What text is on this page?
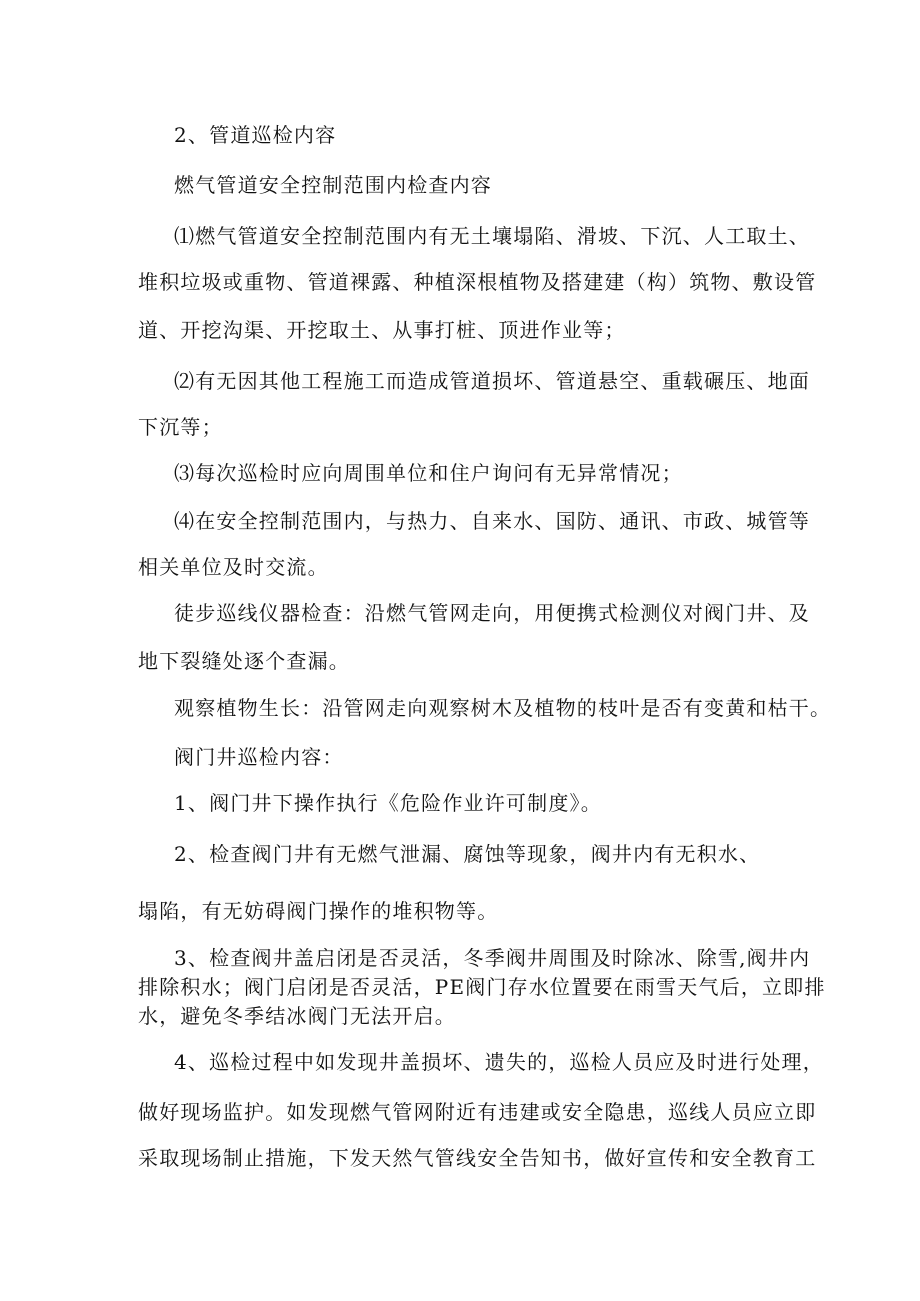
2、管道巡检内容

燃气管道安全控制范围内检查内容

⑴燃气管道安全控制范围内有无土壤塌陷、滑坡、下沉、人工取土、

堆积垃圾或重物、管道裸露、种植深根植物及搭建建（构）筑物、敷设管

道、开挖沟渠、开挖取土、从事打桩、顶进作业等；

⑵有无因其他工程施工而造成管道损坏、管道悬空、重载碾压、地面

下沉等；

⑶每次巡检时应向周围单位和住户询问有无异常情况；

⑷在安全控制范围内，与热力、自来水、国防、通讯、市政、城管等

相关单位及时交流。

徒步巡线仪器检查：沿燃气管网走向，用便携式检测仪对阀门井、及

地下裂缝处逐个查漏。

观察植物生长：沿管网走向观察树木及植物的枝叶是否有变黄和枯干。

阀门井巡检内容：

1、阀门井下操作执行《危险作业许可制度》。

2、检查阀门井有无燃气泄漏、腐蚀等现象，阀井内有无积水、

塌陷，有无妨碍阀门操作的堆积物等。

3、检查阀井盖启闭是否灵活，冬季阀井周围及时除冰、除雪,阀井内

排除积水；阀门启闭是否灵活，PE阀门存水位置要在雨雪天气后，立即排

水，避免冬季结冰阀门无法开启。

4、巡检过程中如发现井盖损坏、遗失的，巡检人员应及时进行处理，

做好现场监护。如发现燃气管网附近有违建或安全隐患，巡线人员应立即

采取现场制止措施，下发天然气管线安全告知书，做好宣传和安全教育工
